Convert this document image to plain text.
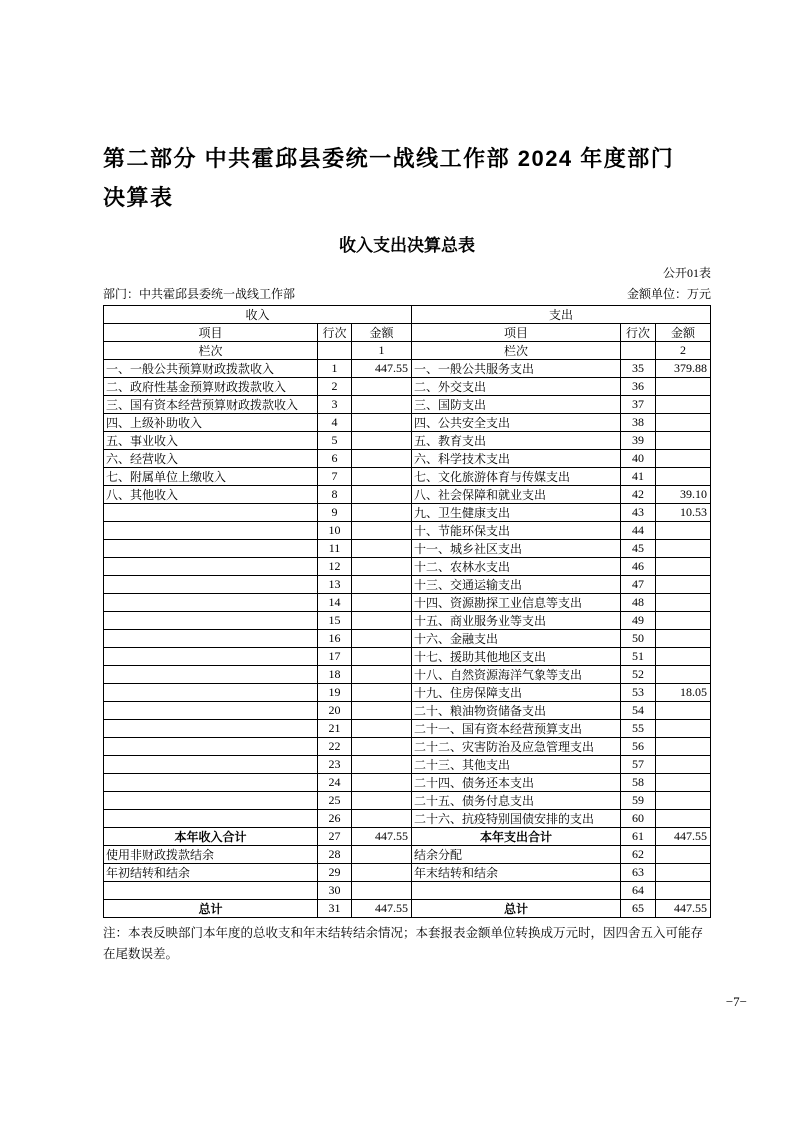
第二部分 中共霍邱县委统一战线工作部 2024 年度部门决算表
收入支出决算总表
公开01表
部门：中共霍邱县委统一战线工作部	金额单位：万元
收入			支出		
项目	行次	金额	项目	行次	金额
栏次		1	栏次		2
一、一般公共预算财政拨款收入	1	447.55	一、一般公共服务支出	35	379.88
二、政府性基金预算财政拨款收入	2		二、外交支出	36	
三、国有资本经营预算财政拨款收入	3		三、国防支出	37	
四、上级补助收入	4		四、公共安全支出	38	
五、事业收入	5		五、教育支出	39	
六、经营收入	6		六、科学技术支出	40	
七、附属单位上缴收入	7		七、文化旅游体育与传媒支出	41	
八、其他收入	8		八、社会保障和就业支出	42	39.10
	9		九、卫生健康支出	43	10.53
	10		十、节能环保支出	44	
	11		十一、城乡社区支出	45	
	12		十二、农林水支出	46	
	13		十三、交通运输支出	47	
	14		十四、资源勘探工业信息等支出	48	
	15		十五、商业服务业等支出	49	
	16		十六、金融支出	50	
	17		十七、援助其他地区支出	51	
	18		十八、自然资源海洋气象等支出	52	
	19		十九、住房保障支出	53	18.05
	20		二十、粮油物资储备支出	54	
	21		二十一、国有资本经营预算支出	55	
	22		二十二、灾害防治及应急管理支出	56	
	23		二十三、其他支出	57	
	24		二十四、债务还本支出	58	
	25		二十五、债务付息支出	59	
	26		二十六、抗疫特别国债安排的支出	60	
本年收入合计	27	447.55	本年支出合计	61	447.55
使用非财政拨款结余	28		结余分配	62	
年初结转和结余	29		年末结转和结余	63	
	30			64	
总计	31	447.55	总计	65	447.55
注：本表反映部门本年度的总收支和年末结转结余情况；本套报表金额单位转换成万元时，因四舍五入可能存在尾数误差。
−7−
